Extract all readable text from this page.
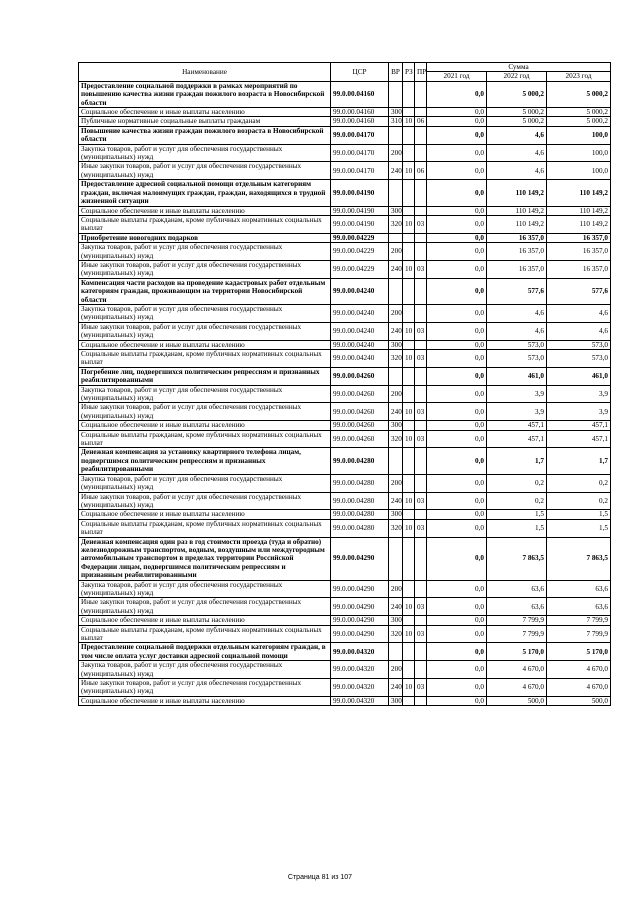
Наименование	ЦСР	ВР	РЗ	ПР	Сумма		
					2021 год	2022 год	2023 год
Предоставление социальной поддержки в рамках мероприятий по повышению качества жизни граждан пожилого возраста в Новосибирской области	99.0.00.04160				0,0	5 000,2	5 000,2
Социальное обеспечение и иные выплаты населению	99.0.00.04160	300			0,0	5 000,2	5 000,2
Публичные нормативные социальные выплаты гражданам	99.0.00.04160	310	10	06	0,0	5 000,2	5 000,2
Повышение качества жизни граждан пожилого возраста в Новосибирской области	99.0.00.04170				0,0	4,6	100,0
Закупка товаров, работ и услуг для обеспечения государственных (муниципальных) нужд	99.0.00.04170	200			0,0	4,6	100,0
Иные закупки товаров, работ и услуг для обеспечения государственных (муниципальных) нужд	99.0.00.04170	240	10	06	0,0	4,6	100,0
Предоставление адресной социальной помощи отдельным категориям граждан, включая малоимущих граждан, граждан, находящихся в трудной жизненной ситуации	99.0.00.04190				0,0	110 149,2	110 149,2
Социальное обеспечение и иные выплаты населению	99.0.00.04190	300			0,0	110 149,2	110 149,2
Социальные выплаты гражданам, кроме публичных нормативных социальных выплат	99.0.00.04190	320	10	03	0,0	110 149,2	110 149,2
Приобретение новогодних подарков	99.0.00.04229				0,0	16 357,0	16 357,0
Закупка товаров, работ и услуг для обеспечения государственных (муниципальных) нужд	99.0.00.04229	200			0,0	16 357,0	16 357,0
Иные закупки товаров, работ и услуг для обеспечения государственных (муниципальных) нужд	99.0.00.04229	240	10	03	0,0	16 357,0	16 357,0
Компенсация части расходов на проведение кадастровых работ отдельным категориям граждан, проживающим на территории Новосибирской области	99.0.00.04240				0,0	577,6	577,6
Закупка товаров, работ и услуг для обеспечения государственных (муниципальных) нужд	99.0.00.04240	200			0,0	4,6	4,6
Иные закупки товаров, работ и услуг для обеспечения государственных (муниципальных) нужд	99.0.00.04240	240	10	03	0,0	4,6	4,6
Социальное обеспечение и иные выплаты населению	99.0.00.04240	300			0,0	573,0	573,0
Социальные выплаты гражданам, кроме публичных нормативных социальных выплат	99.0.00.04240	320	10	03	0,0	573,0	573,0
Погребение лиц, подвергшихся политическим репрессиям и признанных реабилитированными	99.0.00.04260				0,0	461,0	461,0
Закупка товаров, работ и услуг для обеспечения государственных (муниципальных) нужд	99.0.00.04260	200			0,0	3,9	3,9
Иные закупки товаров, работ и услуг для обеспечения государственных (муниципальных) нужд	99.0.00.04260	240	10	03	0,0	3,9	3,9
Социальное обеспечение и иные выплаты населению	99.0.00.04260	300			0,0	457,1	457,1
Социальные выплаты гражданам, кроме публичных нормативных социальных выплат	99.0.00.04260	320	10	03	0,0	457,1	457,1
Денежная компенсация за установку квартирного телефона лицам, подвергшимся политическим репрессиям и признанных реабилитированными	99.0.00.04280				0,0	1,7	1,7
Закупка товаров, работ и услуг для обеспечения государственных (муниципальных) нужд	99.0.00.04280	200			0,0	0,2	0,2
Иные закупки товаров, работ и услуг для обеспечения государственных (муниципальных) нужд	99.0.00.04280	240	10	03	0,0	0,2	0,2
Социальное обеспечение и иные выплаты населению	99.0.00.04280	300			0,0	1,5	1,5
Социальные выплаты гражданам, кроме публичных нормативных социальных выплат	99.0.00.04280	320	10	03	0,0	1,5	1,5
Денежная компенсация один раз в год стоимости проезда (туда и обратно) железнодорожным транспортом, водным, воздушным или междугородным автомобильным транспортом в пределах территории Российской Федерации лицам, подвергшимся политическим репрессиям и признанным реабилитированными	99.0.00.04290				0,0	7 863,5	7 863,5
Закупка товаров, работ и услуг для обеспечения государственных (муниципальных) нужд	99.0.00.04290	200			0,0	63,6	63,6
Иные закупки товаров, работ и услуг для обеспечения государственных (муниципальных) нужд	99.0.00.04290	240	10	03	0,0	63,6	63,6
Социальное обеспечение и иные выплаты населению	99.0.00.04290	300			0,0	7 799,9	7 799,9
Социальные выплаты гражданам, кроме публичных нормативных социальных выплат	99.0.00.04290	320	10	03	0,0	7 799,9	7 799,9
Предоставление социальной поддержки отдельным категориям граждан, в том числе оплата услуг доставки адресной социальной помощи	99.0.00.04320				0,0	5 170,0	5 170,0
Закупка товаров, работ и услуг для обеспечения государственных (муниципальных) нужд	99.0.00.04320	200			0,0	4 670,0	4 670,0
Иные закупки товаров, работ и услуг для обеспечения государственных (муниципальных) нужд	99.0.00.04320	240	10	03	0,0	4 670,0	4 670,0
Социальное обеспечение и иные выплаты населению	99.0.00.04320	300			0,0	500,0	500,0
Страница 81 из 107
